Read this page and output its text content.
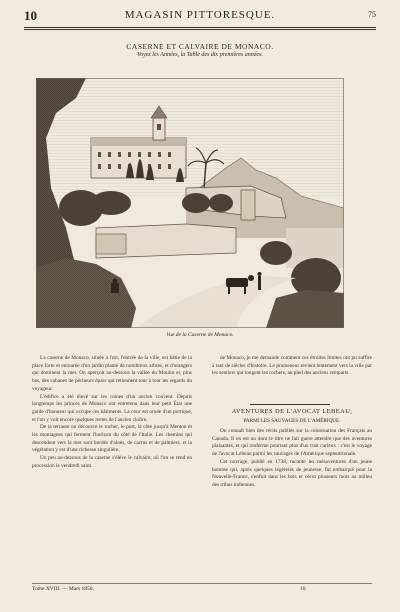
10	MAGASIN PITTORESQUE.	75
CASERNE ET CALVAIRE DE MONACO.
Voyez les Années, la Table des dix premières années.
Vue de la Caserne de Monaco.

La caserne de Monaco, située à l'est, l'entrée de la ville, est bâtie de la place forte et entourée d'un jardin planté de nombreux arbres, et d'orangers qui dominent la mer. On aperçoit au-dessous la vallée du Moulin et, plus bas, des cabanes de pêcheurs épars qui retiennent tour à tour les regards du voyageur.

L'édifice a été élevé sur les ruines d'un ancien couvent. Depuis longtemps les princes de Monaco ont entretenu dans leur petit État une garde d'honneur qui occupe ces bâtiments. La cour est ornée d'un portique, et l'on y voit encore quelques restes de l'ancien cloître.

De la terrasse on découvre le rocher, le port, la côte jusqu'à Menton et les montagnes qui ferment l'horizon du côté de l'Italie. Les chemins qui descendent vers la mer sont bordés d'aloès, de cactus et de palmiers, et la végétation y est d'une richesse singulière.

Un peu au-dessous de la caserne s'élève le calvaire, où l'on se rend en procession le vendredi saint.

de Monaco, je me demande comment ces étroites limites ont pu suffire à tant de siècles d'histoire. Le promeneur revient lentement vers la ville par les sentiers qui longent les rochers, au pied des anciens remparts.

AVENTURES DE L'AVOCAT LEBEAU,
PARMI LES SAUVAGES DE L'AMÉRIQUE.

On connaît bien des récits publiés sur la colonisation des Français au Canada. Il en est un dont le titre ne fait guère attendre que des aventures plaisantes, et qui renferme pourtant plus d'un trait curieux : c'est le voyage de l'avocat Lebeau parmi les sauvages de l'Amérique septentrionale.

Cet ouvrage, publié en 1738, raconte les mésaventures d'un jeune homme qui, après quelques légèretés de jeunesse, fut embarqué pour la Nouvelle-France, s'enfuit dans les bois et vécut plusieurs mois au milieu des tribus indiennes.

Tome XVIII. — Mars 1850.	10
